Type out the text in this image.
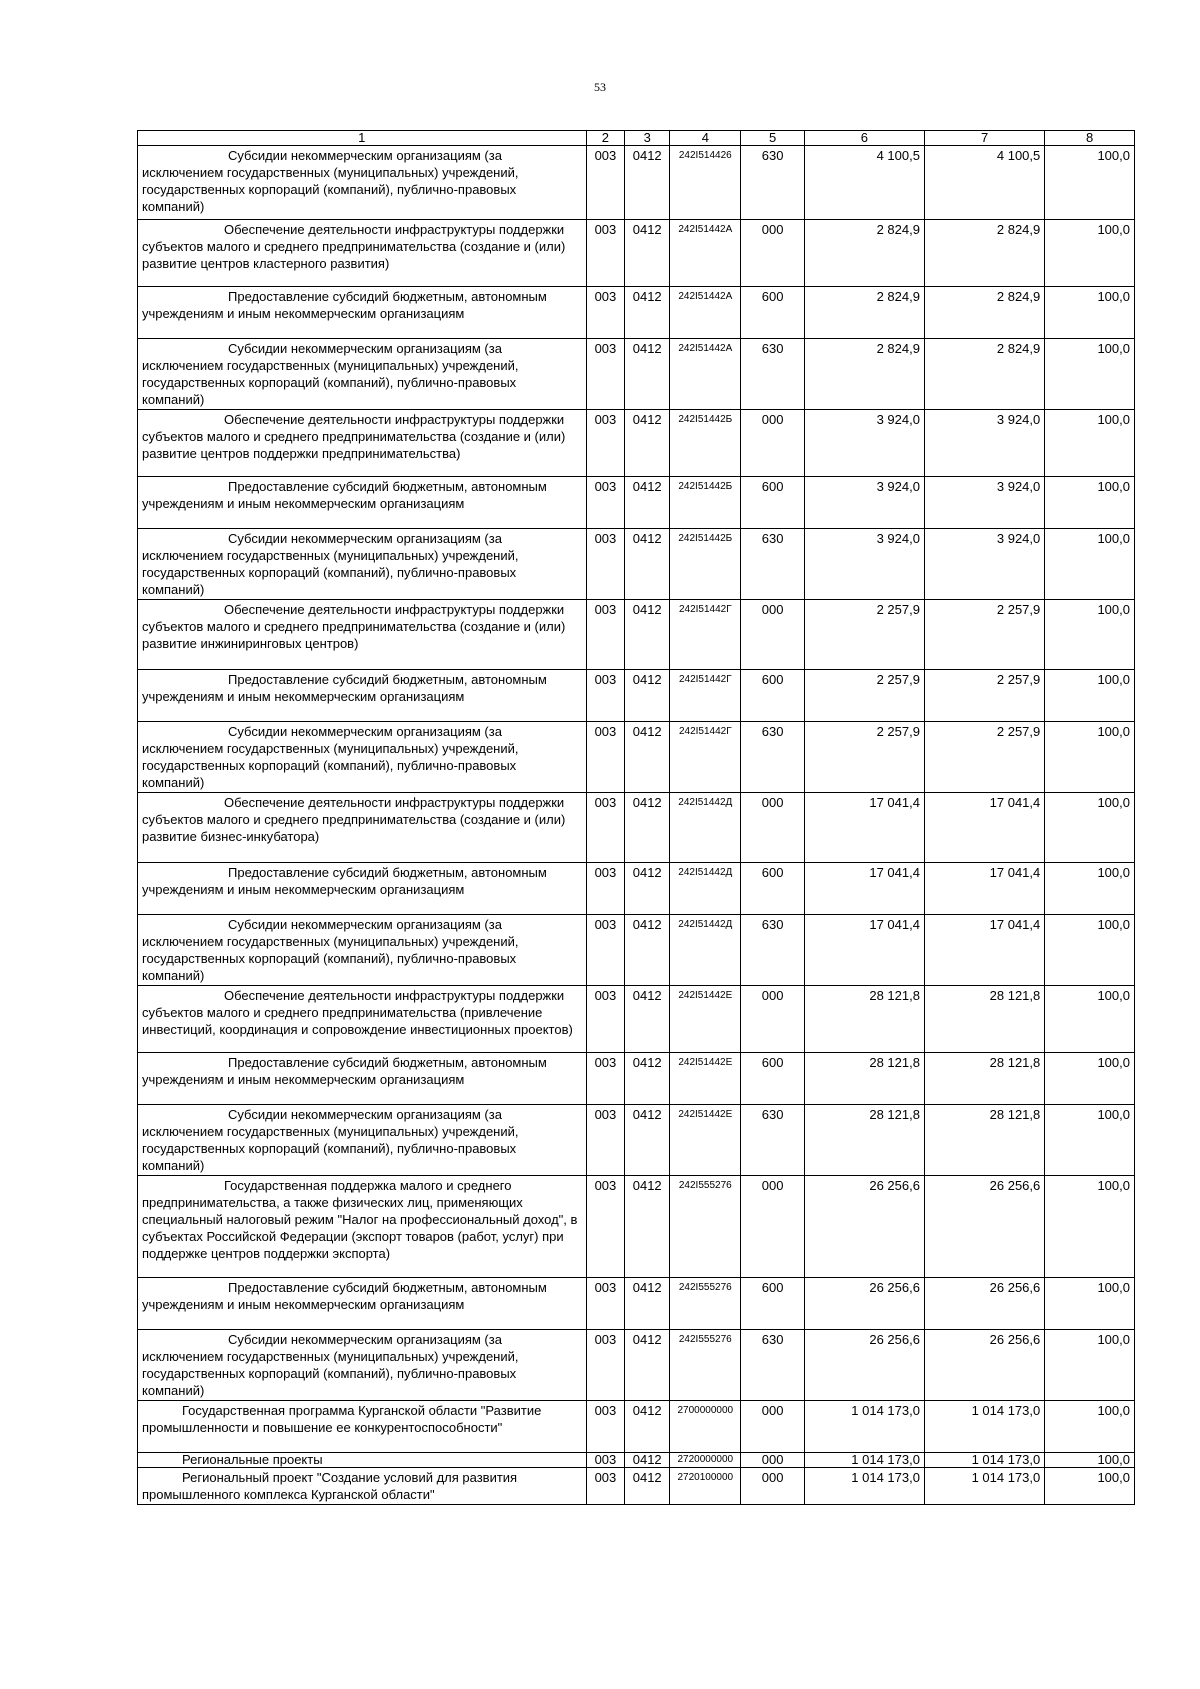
53
1	2	3	4	5	6	7	8
Субсидии некоммерческим организациям (за исключением государственных (муниципальных) учреждений, государственных корпораций (компаний), публично-правовых компаний)	003	0412	242I514426	630	4 100,5	4 100,5	100,0
Обеспечение деятельности инфраструктуры поддержки субъектов малого и среднего предпринимательства (создание и (или) развитие центров кластерного развития)	003	0412	242I51442A	000	2 824,9	2 824,9	100,0
Предоставление субсидий бюджетным, автономным учреждениям и иным некоммерческим организациям	003	0412	242I51442A	600	2 824,9	2 824,9	100,0
Субсидии некоммерческим организациям (за исключением государственных (муниципальных) учреждений, государственных корпораций (компаний), публично-правовых компаний)	003	0412	242I51442A	630	2 824,9	2 824,9	100,0
Обеспечение деятельности инфраструктуры поддержки субъектов малого и среднего предпринимательства (создание и (или) развитие центров поддержки предпринимательства)	003	0412	242I51442Б	000	3 924,0	3 924,0	100,0
Предоставление субсидий бюджетным, автономным учреждениям и иным некоммерческим организациям	003	0412	242I51442Б	600	3 924,0	3 924,0	100,0
Субсидии некоммерческим организациям (за исключением государственных (муниципальных) учреждений, государственных корпораций (компаний), публично-правовых компаний)	003	0412	242I51442Б	630	3 924,0	3 924,0	100,0
Обеспечение деятельности инфраструктуры поддержки субъектов малого и среднего предпринимательства (создание и (или) развитие инжиниринговых центров)	003	0412	242I51442Г	000	2 257,9	2 257,9	100,0
Предоставление субсидий бюджетным, автономным учреждениям и иным некоммерческим организациям	003	0412	242I51442Г	600	2 257,9	2 257,9	100,0
Субсидии некоммерческим организациям (за исключением государственных (муниципальных) учреждений, государственных корпораций (компаний), публично-правовых компаний)	003	0412	242I51442Г	630	2 257,9	2 257,9	100,0
Обеспечение деятельности инфраструктуры поддержки субъектов малого и среднего предпринимательства (создание и (или) развитие бизнес-инкубатора)	003	0412	242I51442Д	000	17 041,4	17 041,4	100,0
Предоставление субсидий бюджетным, автономным учреждениям и иным некоммерческим организациям	003	0412	242I51442Д	600	17 041,4	17 041,4	100,0
Субсидии некоммерческим организациям (за исключением государственных (муниципальных) учреждений, государственных корпораций (компаний), публично-правовых компаний)	003	0412	242I51442Д	630	17 041,4	17 041,4	100,0
Обеспечение деятельности инфраструктуры поддержки субъектов малого и среднего предпринимательства (привлечение инвестиций, координация и сопровождение инвестиционных проектов)	003	0412	242I51442E	000	28 121,8	28 121,8	100,0
Предоставление субсидий бюджетным, автономным учреждениям и иным некоммерческим организациям	003	0412	242I51442E	600	28 121,8	28 121,8	100,0
Субсидии некоммерческим организациям (за исключением государственных (муниципальных) учреждений, государственных корпораций (компаний), публично-правовых компаний)	003	0412	242I51442E	630	28 121,8	28 121,8	100,0
Государственная поддержка малого и среднего предпринимательства, а также физических лиц, применяющих специальный налоговый режим "Налог на профессиональный доход", в субъектах Российской Федерации (экспорт товаров (работ, услуг) при поддержке центров поддержки экспорта)	003	0412	242I555276	000	26 256,6	26 256,6	100,0
Предоставление субсидий бюджетным, автономным учреждениям и иным некоммерческим организациям	003	0412	242I555276	600	26 256,6	26 256,6	100,0
Субсидии некоммерческим организациям (за исключением государственных (муниципальных) учреждений, государственных корпораций (компаний), публично-правовых компаний)	003	0412	242I555276	630	26 256,6	26 256,6	100,0
Государственная программа Курганской области "Развитие промышленности и повышение ее конкурентоспособности"	003	0412	2700000000	000	1 014 173,0	1 014 173,0	100,0
Региональные проекты	003	0412	2720000000	000	1 014 173,0	1 014 173,0	100,0
Региональный проект "Создание условий для развития промышленного комплекса Курганской области"	003	0412	2720100000	000	1 014 173,0	1 014 173,0	100,0
